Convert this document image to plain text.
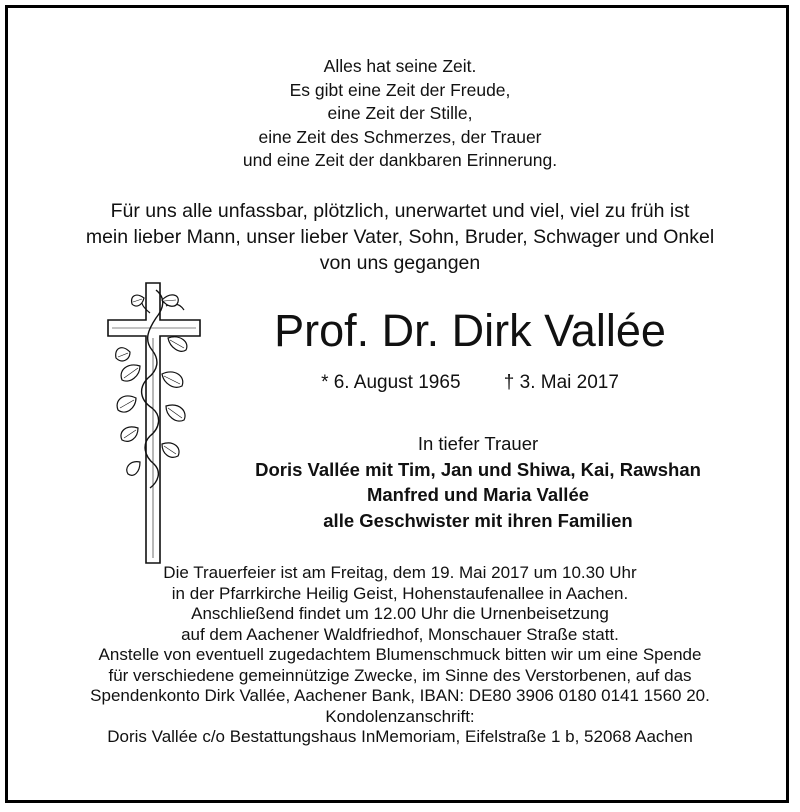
Alles hat seine Zeit.
Es gibt eine Zeit der Freude,
eine Zeit der Stille,
eine Zeit des Schmerzes, der Trauer
und eine Zeit der dankbaren Erinnerung.
Für uns alle unfassbar, plötzlich, unerwartet und viel, viel zu früh ist
mein lieber Mann, unser lieber Vater, Sohn, Bruder, Schwager und Onkel
von uns gegangen
Prof. Dr. Dirk Vallée
* 6. August 1965 † 3. Mai 2017
In tiefer Trauer
Doris Vallée mit Tim, Jan und Shiwa, Kai, Rawshan
Manfred und Maria Vallée
alle Geschwister mit ihren Familien
Die Trauerfeier ist am Freitag, dem 19. Mai 2017 um 10.30 Uhr
in der Pfarrkirche Heilig Geist, Hohenstaufenallee in Aachen.
Anschließend findet um 12.00 Uhr die Urnenbeisetzung
auf dem Aachener Waldfriedhof, Monschauer Straße statt.
Anstelle von eventuell zugedachtem Blumenschmuck bitten wir um eine Spende
für verschiedene gemeinnützige Zwecke, im Sinne des Verstorbenen, auf das
Spendenkonto Dirk Vallée, Aachener Bank, IBAN: DE80 3906 0180 0141 1560 20.
Kondolenzanschrift:
Doris Vallée c/o Bestattungshaus InMemoriam, Eifelstraße 1 b, 52068 Aachen
